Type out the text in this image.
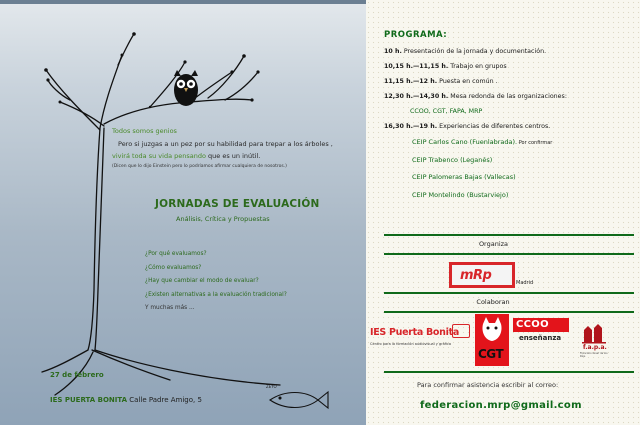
Todos somos genios
Pero si juzgas a un pez por su habilidad para trepar a los árboles ,
vivirá toda su vida pensando que es un inútil.
(Dicen que lo dijo Einstein pero lo podríamos afirmar cualquiera de nosotros.)
JORNADAS DE EVALUACIÓN
Análisis, Crítica y Propuestas
¿Por qué evaluamos?
¿Cómo evaluamos?
¿Hay que cambiar el modo de evaluar?
¿Existen alternativas a la evaluación tradicional?
Y muchas más ...
27 de febrero
IES PUERTA BONITA Calle Padre Amigo, 5
ZEYO
PROGRAMA:
10 h. Presentación de la jornada y documentación.
10,15 h.—11,15 h. Trabajo en grupos
11,15 h.—12 h. Puesta en común .
12,30 h.—14,30 h. Mesa redonda de las organizaciones:
CCOO, CGT, FAPA, MRP
16,30 h.—19 h. Experiencias de diferentes centros.
CEIP Carlos Cano (Fuenlabrada). Por confirmar
CEIP Trabenco (Leganés)
CEIP Palomeras Bajas (Vallecas)
CEIP Montelindo (Bustarviejo)
Organiza
mRp	Madrid
Colaboran
IES Puerta Bonita
Centro para la formación audiovisual y gráfica
CGT
CCOO
enseñanza
f.a.p.a.
Francisco Giner de los Ríos
Para confirmar asistencia escribir al correo:
federacion.mrp@gmail.com
